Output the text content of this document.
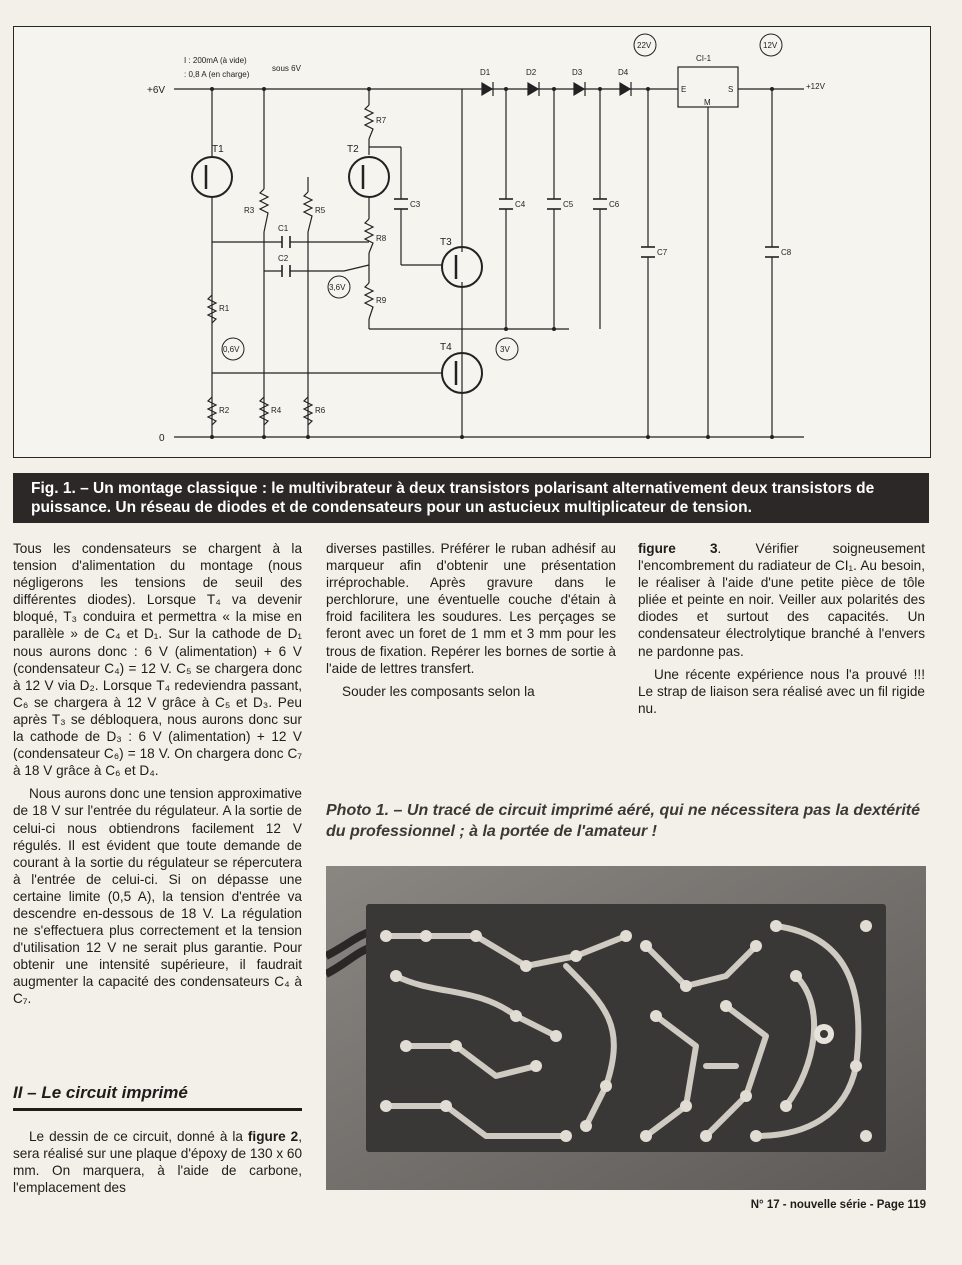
I : 200mA (à vide)
: 0,8 A (en charge)
sous 6V
+6V
0
+12V
CI-1
E	S
M
T1	T2
T3
T4
D1	D2	D3	D4
R1
R2
R3
R4
R5
R6
R7
R8
R9
C1
C2
C3	C4	C5	C6
C7	C8
22V	12V
3,6V
0,6V	3V
Fig. 1. – Un montage classique : le multivibrateur à deux transistors polarisant alternativement deux transistors de puissance. Un réseau de diodes et de condensateurs pour un astucieux multiplicateur de tension.

Tous les condensateurs se chargent à la tension d'alimentation du montage (nous négligerons les tensions de seuil des différentes diodes). Lorsque T₄ va devenir bloqué, T₃ conduira et permettra « la mise en parallèle » de C₄ et D₁. Sur la cathode de D₁ nous aurons donc : 6 V (alimentation) + 6 V (condensateur C₄) = 12 V. C₅ se chargera donc à 12 V via D₂. Lorsque T₄ redeviendra passant, C₆ se chargera à 12 V grâce à C₅ et D₃. Peu après T₃ se débloquera, nous aurons donc sur la cathode de D₃ : 6 V (alimentation) + 12 V (condensateur C₆) = 18 V. On chargera donc C₇ à 18 V grâce à C₆ et D₄.

Nous aurons donc une tension approximative de 18 V sur l'entrée du régulateur. A la sortie de celui-ci nous obtiendrons facilement 12 V régulés. Il est évident que toute demande de courant à la sortie du régulateur se répercutera à l'entrée de celui-ci. Si on dépasse une certaine limite (0,5 A), la tension d'entrée va descendre en-dessous de 18 V. La régulation ne s'effectuera plus correctement et la tension d'utilisation 12 V ne serait plus garantie. Pour obtenir une intensité supérieure, il faudrait augmenter la capacité des condensateurs C₄ à C₇.

II – Le circuit imprimé

Le dessin de ce circuit, donné à la figure 2, sera réalisé sur une plaque d'époxy de 130 x 60 mm. On marquera, à l'aide de carbone, l'emplacement des

diverses pastilles. Préférer le ruban adhésif au marqueur afin d'obtenir une présentation irréprochable. Après gravure dans le perchlorure, une éventuelle couche d'étain à froid facilitera les soudures. Les perçages se feront avec un foret de 1 mm et 3 mm pour les trous de fixation. Repérer les bornes de sortie à l'aide de lettres transfert.

Souder les composants selon la

figure 3. Vérifier soigneusement l'encombrement du radiateur de CI₁. Au besoin, le réaliser à l'aide d'une petite pièce de tôle pliée et peinte en noir. Veiller aux polarités des diodes et surtout des capacités. Un condensateur électrolytique branché à l'envers ne pardonne pas.

Une récente expérience nous l'a prouvé !!! Le strap de liaison sera réalisé avec un fil rigide nu.

Photo 1. – Un tracé de circuit imprimé aéré, qui ne nécessitera pas la dextérité du professionnel ; à la portée de l'amateur !
N° 17 - nouvelle série - Page 119
